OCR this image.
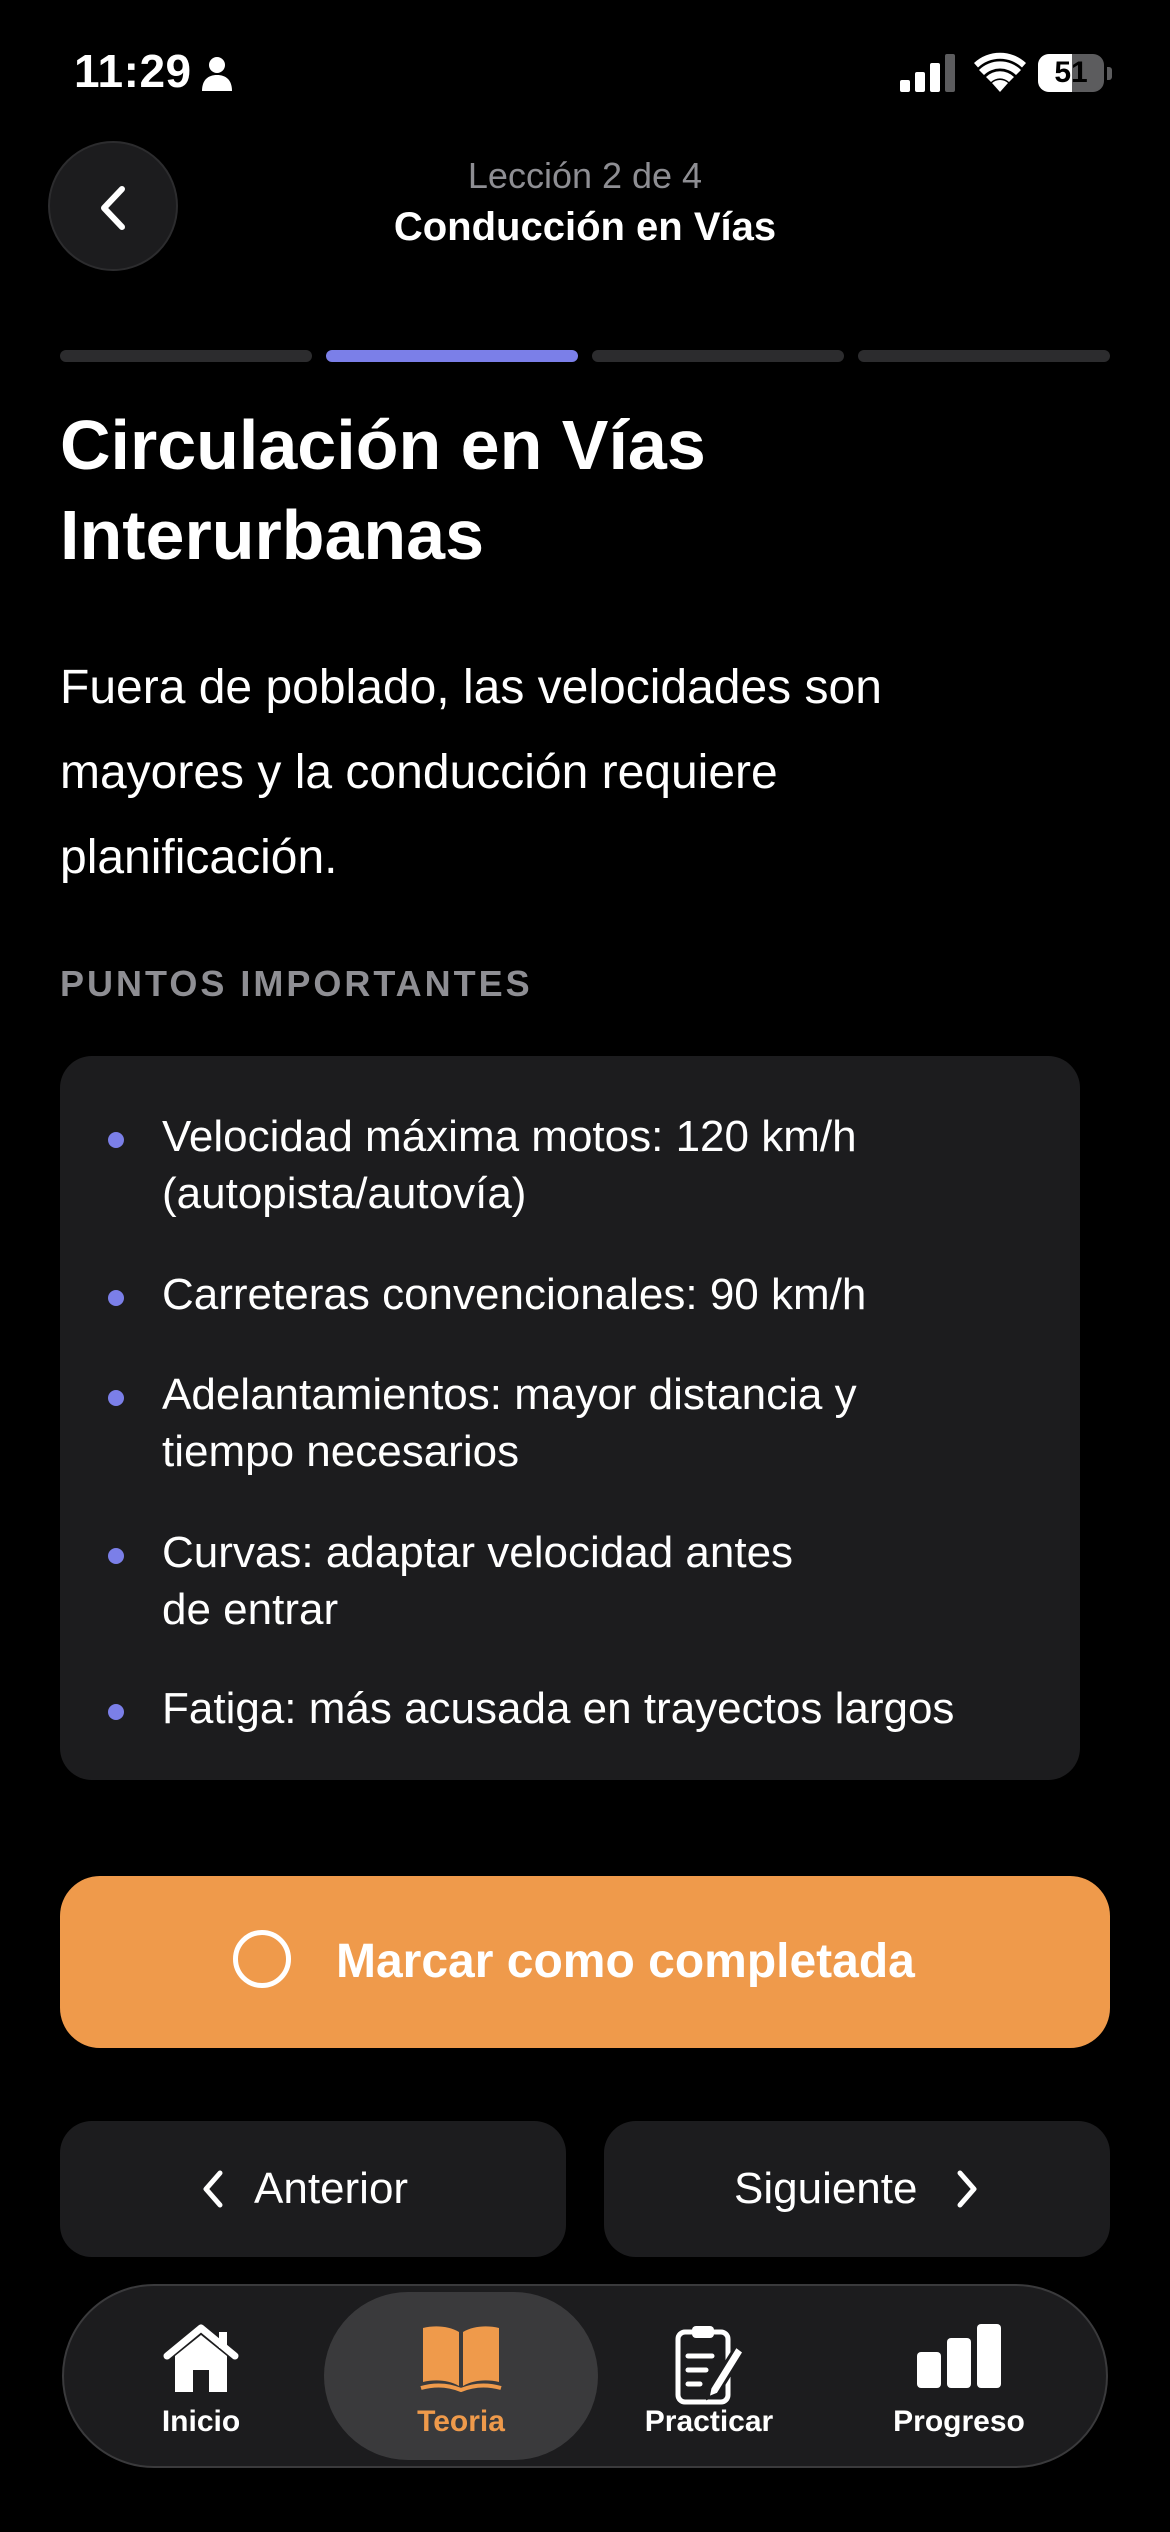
11:29	51
Lección 2 de 4
Conducción en Vías
Circulación en Vías
Interurbanas
Fuera de poblado, las velocidades son
mayores y la conducción requiere
planificación.
PUNTOS IMPORTANTES
Velocidad máxima motos: 120 km/h
(autopista/autovía)
Carreteras convencionales: 90 km/h
Adelantamientos: mayor distancia y
tiempo necesarios
Curvas: adaptar velocidad antes
de entrar
Fatiga: más acusada en trayectos largos
Marcar como completada
Anterior	Siguiente
Inicio	Teoria	Practicar	Progreso
